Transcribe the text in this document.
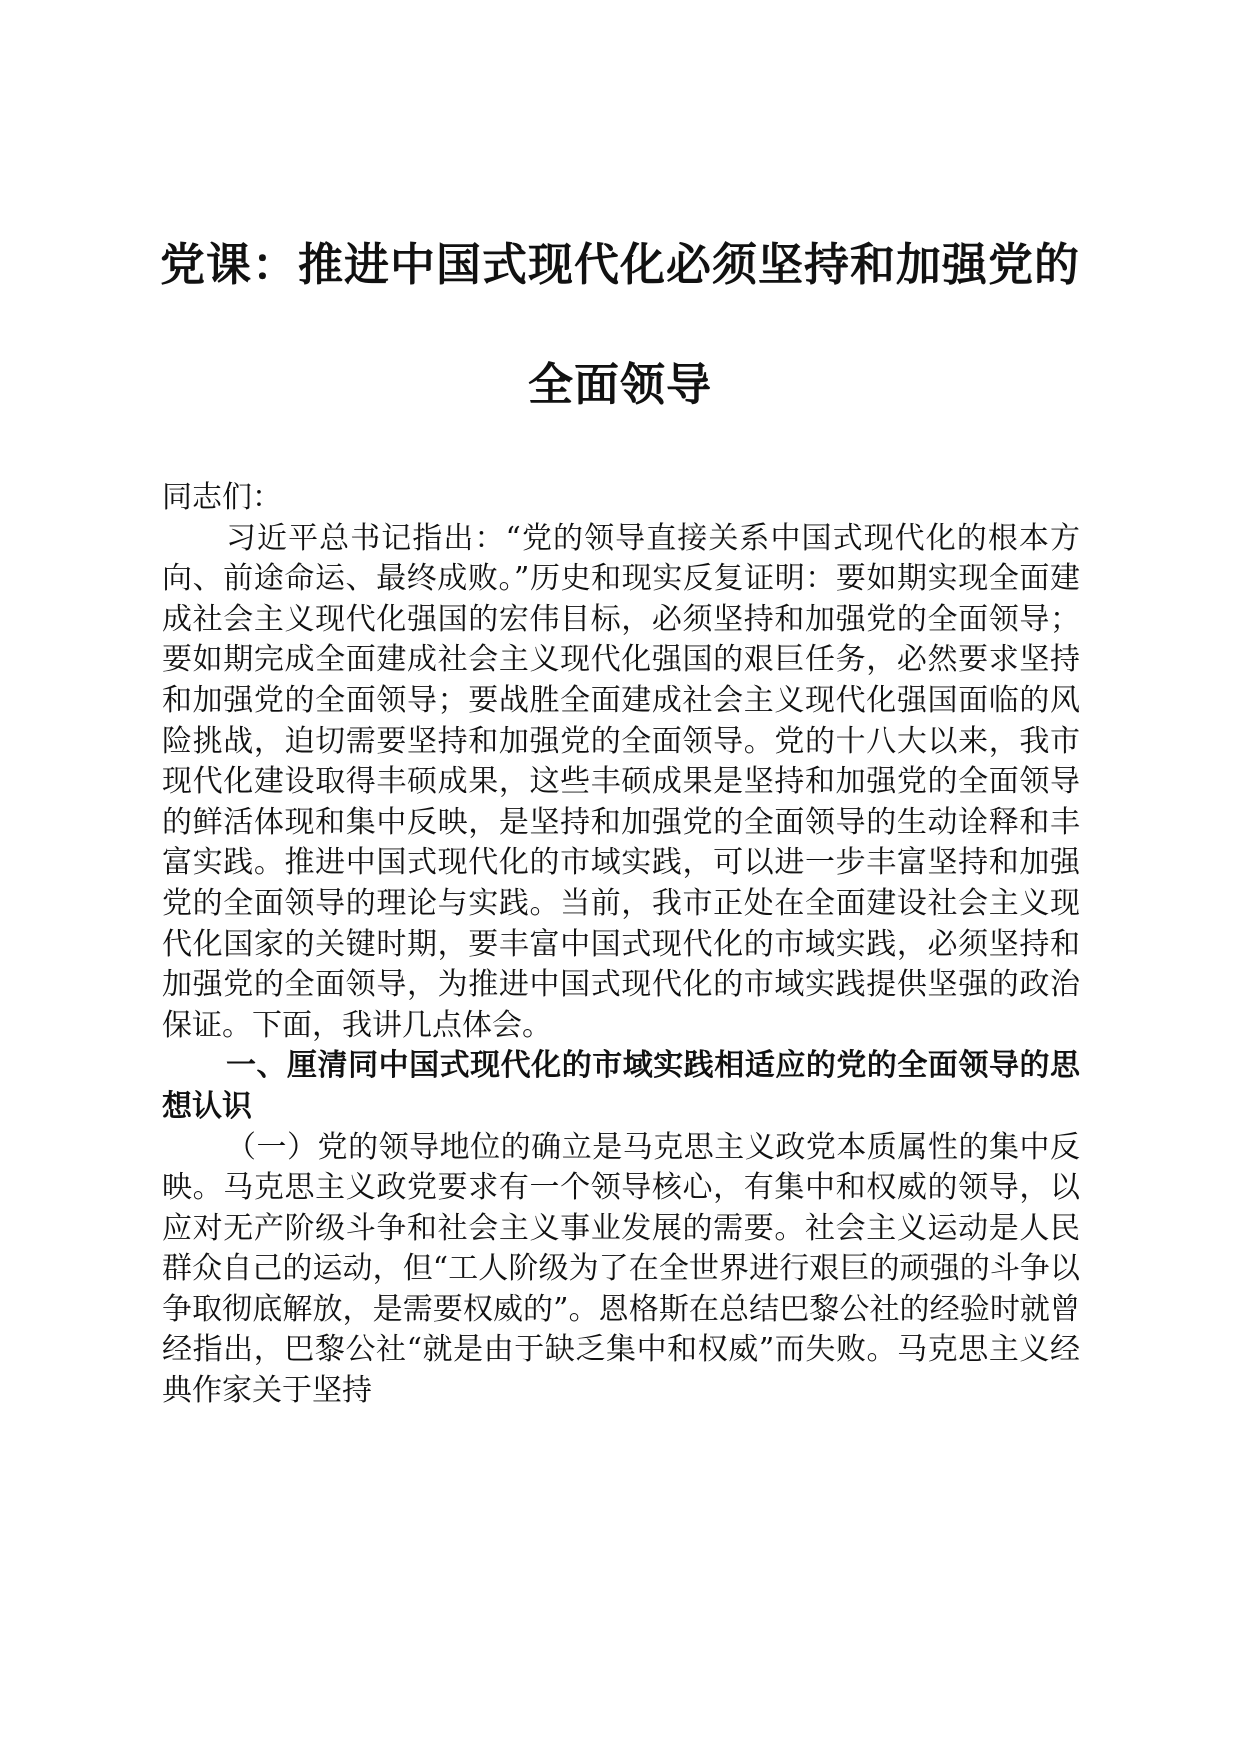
党课：推进中国式现代化必须坚持和加强党的
全面领导

同志们：

习近平总书记指出：“党的领导直接关系中国式现代化的根本方向、前途命运、最终成败。”历史和现实反复证明：要如期实现全面建成社会主义现代化强国的宏伟目标，必须坚持和加强党的全面领导；要如期完成全面建成社会主义现代化强国的艰巨任务，必然要求坚持和加强党的全面领导；要战胜全面建成社会主义现代化强国面临的风险挑战，迫切需要坚持和加强党的全面领导。党的十八大以来，我市现代化建设取得丰硕成果，这些丰硕成果是坚持和加强党的全面领导的鲜活体现和集中反映，是坚持和加强党的全面领导的生动诠释和丰富实践。推进中国式现代化的市域实践，可以进一步丰富坚持和加强党的全面领导的理论与实践。当前，我市正处在全面建设社会主义现代化国家的关键时期，要丰富中国式现代化的市域实践，必须坚持和加强党的全面领导，为推进中国式现代化的市域实践提供坚强的政治保证。下面，我讲几点体会。

一、厘清同中国式现代化的市域实践相适应的党的全面领导的思想认识

（一）党的领导地位的确立是马克思主义政党本质属性的集中反映。马克思主义政党要求有一个领导核心，有集中和权威的领导，以应对无产阶级斗争和社会主义事业发展的需要。社会主义运动是人民群众自己的运动，但“工人阶级为了在全世界进行艰巨的顽强的斗争以争取彻底解放，是需要权威的”。恩格斯在总结巴黎公社的经验时就曾经指出，巴黎公社“就是由于缺乏集中和权威”而失败。马克思主义经典作家关于坚持
